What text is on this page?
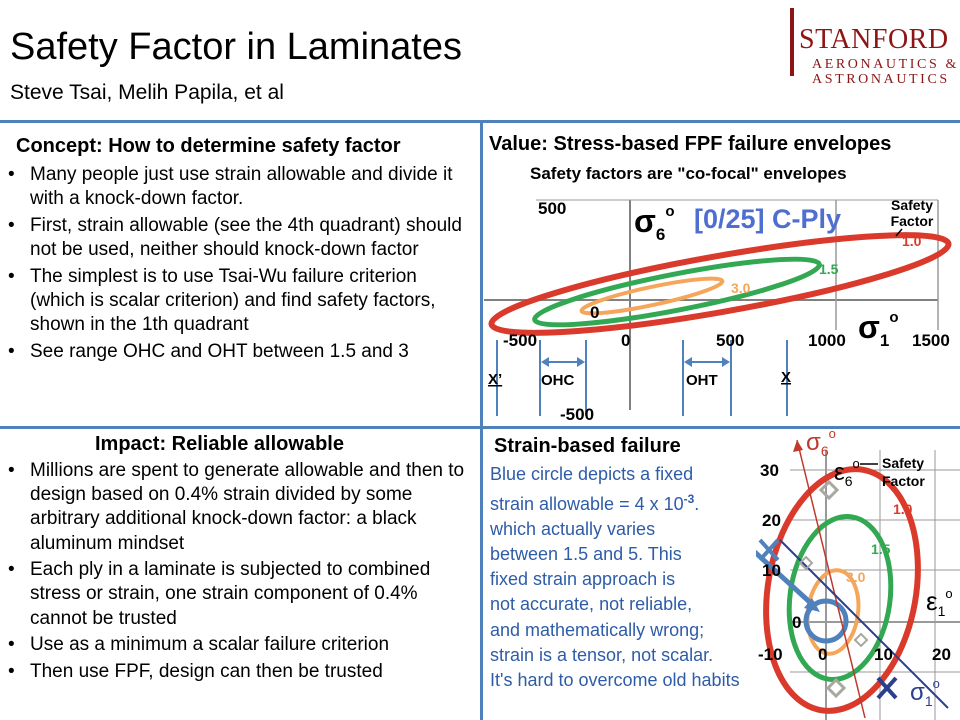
Safety Factor in Laminates
Steve Tsai, Melih Papila, et al
STANFORD
AERONAUTICS &
ASTRONAUTICS
Concept: How to determine safety factor
• Many people just use strain allowable and divide it with a knock-down factor.
• First, strain allowable (see the 4th quadrant) should not be used, neither should knock-down factor
• The simplest is to use Tsai-Wu failure criterion (which is scalar criterion) and find safety factors, shown in the 1th quadrant
• See range OHC and OHT between 1.5 and 3
Value: Stress-based FPF failure envelopes
Safety factors are "co-focal" envelopes
[0/25] C-Ply	Safety
Factor
1.0
1.5
3.0
$\sigma_6^o$
$\sigma_1^o$
500
0
-500
-500	0	500	1000	1500
X’	OHC	OHT	X
Impact: Reliable allowable
• Millions are spent to generate allowable and then to design based on 0.4% strain divided by some arbitrary additional knock-down factor: a black aluminum mindset
• Each ply in a laminate is subjected to combined stress or strain, one strain component of 0.4% cannot be trusted
• Use as a minimum a scalar failure criterion
• Then use FPF, design can then be trusted
Strain-based failure
Blue circle depicts a fixed
strain allowable = 4 x $10^{-3}$.
which actually varies
between 1.5 and 5. This
fixed strain approach is
not accurate, not reliable,
and mathematically wrong;
strain is a tensor, not scalar.
It's hard to overcome old habits
30
20
10
0
-10 0	10 20
1.0
1.5
3.0
Safety
Factor
$\sigma_6^o$
$\varepsilon_6^o$
$\varepsilon_1^o$
$\sigma_1^o$
